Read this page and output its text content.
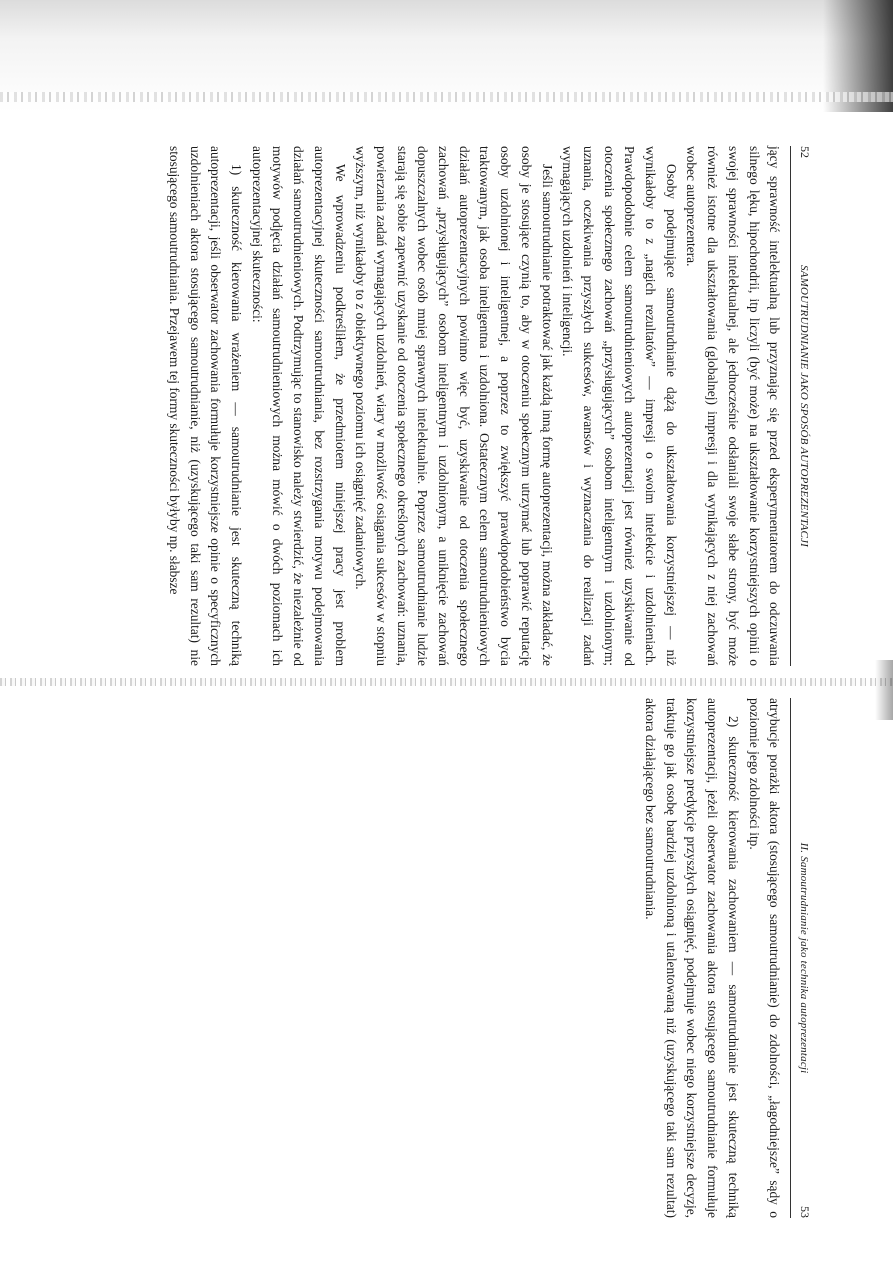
52
SAMOUTRUDNIANIE JAKO SPOSÓB AUTOPREZENTACJI

jący sprawność intelektualną lub przyznając się przed eksperymentatorem do odczuwania silnego lęku, hipochondrii, itp liczyli (być może) na ukształtowanie korzystniejszych opinii o swojej sprawności intelektualnej, ale jednocześnie odsłaniali swoje słabe strony, być może również istotne dla ukształtowania (globalnej) impresji i dla wynikających z niej zachowań wobec autoprezentera.

Osoby podejmujące samoutrudnianie dążą do ukształtowania korzystniejszej — niż wynikałoby to z „nagich rezultatów” — impresji o swoim intelekcie i uzdolnieniach. Prawdopodobnie celem samoutrudnieniowych autoprezentacji jest również uzyskiwanie od otoczenia społecznego zachowań „przysługujących” osobom inteligentnym i uzdolnionym; uznania, oczekiwania przyszłych sukcesów, awansów i wyznaczania do realizacji zadań wymagających uzdolnień i inteligencji.

Jeśli samoutrudnianie potraktować jak każdą inną formę autoprezentacji, można zakładać, że osoby je stosujące czynią to, aby w otoczeniu społecznym utrzymać lub poprawić reputację osoby uzdolnionej i inteligentnej, a poprzez to zwiększyć prawdopodobieństwo bycia traktowanym, jak osoba inteligentna i uzdolniona. Ostatecznym celem samoutrudnieniowych działań autoprezentacyjnych powinno więc być, uzyskiwanie od otoczenia społecznego zachowań „przysługujących” osobom inteligentnym i uzdolnionym, a uniknięcie zachowań dopuszczalnych wobec osób mniej sprawnych intelektualnie. Poprzez samoutrudnianie ludzie starają się sobie zapewnić uzyskanie od otoczenia społecznego określonych zachowań: uznania, powierzania zadań wymagających uzdolnień, wiary w możliwość osiągania sukcesów w stopniu wyższym, niż wynikałoby to z obiektywnego poziomu ich osiągnięć zadaniowych.

We wprowadzeniu podkreśliłem, że przedmiotem niniejszej pracy jest problem autoprezentacyjnej skuteczności samoutrudniania, bez rozstrzygania motywu podejmowania działań samoutrudnieniowych. Podtrzymując to stanowisko należy stwierdzić, że niezależnie od motywów podjęcia działań samoutrudnieniowych można mówić o dwóch poziomach ich autoprezentacyjnej skuteczności:

1) skuteczność kierowania wrażeniem — samoutrudnianie jest skuteczną techniką autoprezentacji, jeśli obserwator zachowania formułuje korzystniejsze opinie o specyficznych uzdolnieniach aktora stosującego samoutrudnianie, niż (uzyskującego taki sam rezultat) nie stosującego samoutrudniania. Przejawem tej formy skuteczności byłyby np. słabsze

II. Samoutrudnianie jako technika autoprezentacji
53

atrybucje porażki aktora (stosującego samoutrudnianie) do zdolności, „łagodniejsze” sądy o poziomie jego zdolności itp.

2) skuteczność kierowania zachowaniem — samoutrudnianie jest skuteczną techniką autoprezentacji, jeżeli obserwator zachowania aktora stosującego samoutrudnianie formułuje korzystniejsze predykcje przyszłych osiągnięć, podejmuje wobec niego korzystniejsze decyzje, traktuje go jak osobę bardziej uzdolnioną i utalentowaną niż (uzyskującego taki sam rezultat) aktora działającego bez samoutrudniania.
